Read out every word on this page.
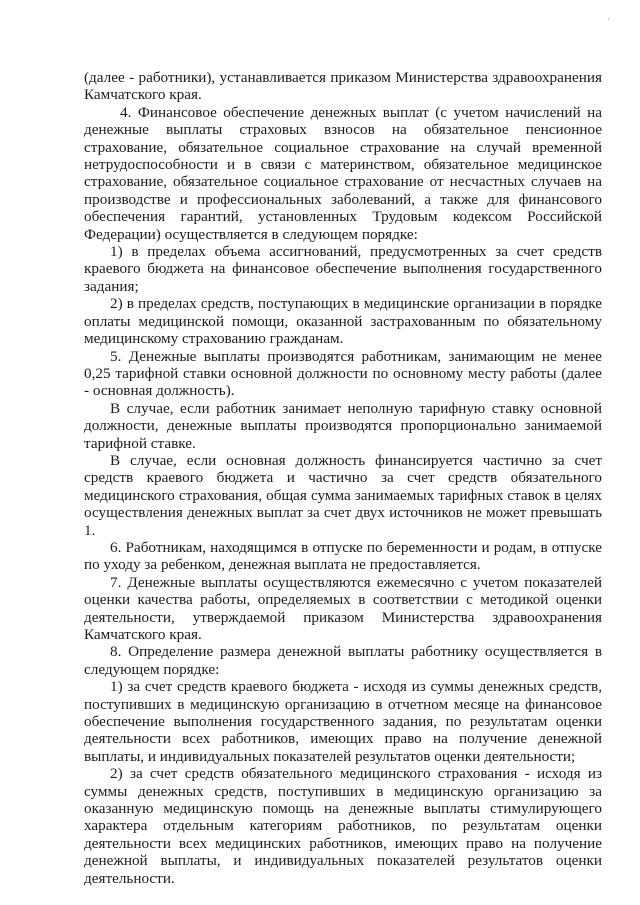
·

(далее - работники), устанавливается приказом Министерства здравоохранения Камчатского края.

4. Финансовое обеспечение денежных выплат (с учетом начислений на денежные выплаты страховых взносов на обязательное пенсионное страхование, обязательное социальное страхование на случай временной нетрудоспособности и в связи с материнством, обязательное медицинское страхование, обязательное социальное страхование от несчастных случаев на производстве и профессиональных заболеваний, а также для финансового обеспечения гарантий, установленных Трудовым кодексом Российской Федерации) осуществляется в следующем порядке:

1) в пределах объема ассигнований, предусмотренных за счет средств краевого бюджета на финансовое обеспечение выполнения государственного задания;

2) в пределах средств, поступающих в медицинские организации в порядке оплаты медицинской помощи, оказанной застрахованным по обязательному медицинскому страхованию гражданам.

5. Денежные выплаты производятся работникам, занимающим не менее 0,25 тарифной ставки основной должности по основному месту работы (далее - основная должность).

В случае, если работник занимает неполную тарифную ставку основной должности, денежные выплаты производятся пропорционально занимаемой тарифной ставке.

В случае, если основная должность финансируется частично за счет средств краевого бюджета и частично за счет средств обязательного медицинского страхования, общая сумма занимаемых тарифных ставок в целях осуществления денежных выплат за счет двух источников не может превышать 1.

6. Работникам, находящимся в отпуске по беременности и родам, в отпуске по уходу за ребенком, денежная выплата не предоставляется.

7. Денежные выплаты осуществляются ежемесячно с учетом показателей оценки качества работы, определяемых в соответствии с методикой оценки деятельности, утверждаемой приказом Министерства здравоохранения Камчатского края.

8. Определение размера денежной выплаты работнику осуществляется в следующем порядке:

1) за счет средств краевого бюджета - исходя из суммы денежных средств, поступивших в медицинскую организацию в отчетном месяце на финансовое обеспечение выполнения государственного задания, по результатам оценки деятельности всех работников, имеющих право на получение денежной выплаты, и индивидуальных показателей результатов оценки деятельности;

2) за счет средств обязательного медицинского страхования - исходя из суммы денежных средств, поступивших в медицинскую организацию за оказанную медицинскую помощь на денежные выплаты стимулирующего характера отдельным категориям работников, по результатам оценки деятельности всех медицинских работников, имеющих право на получение денежной выплаты, и индивидуальных показателей результатов оценки деятельности.
